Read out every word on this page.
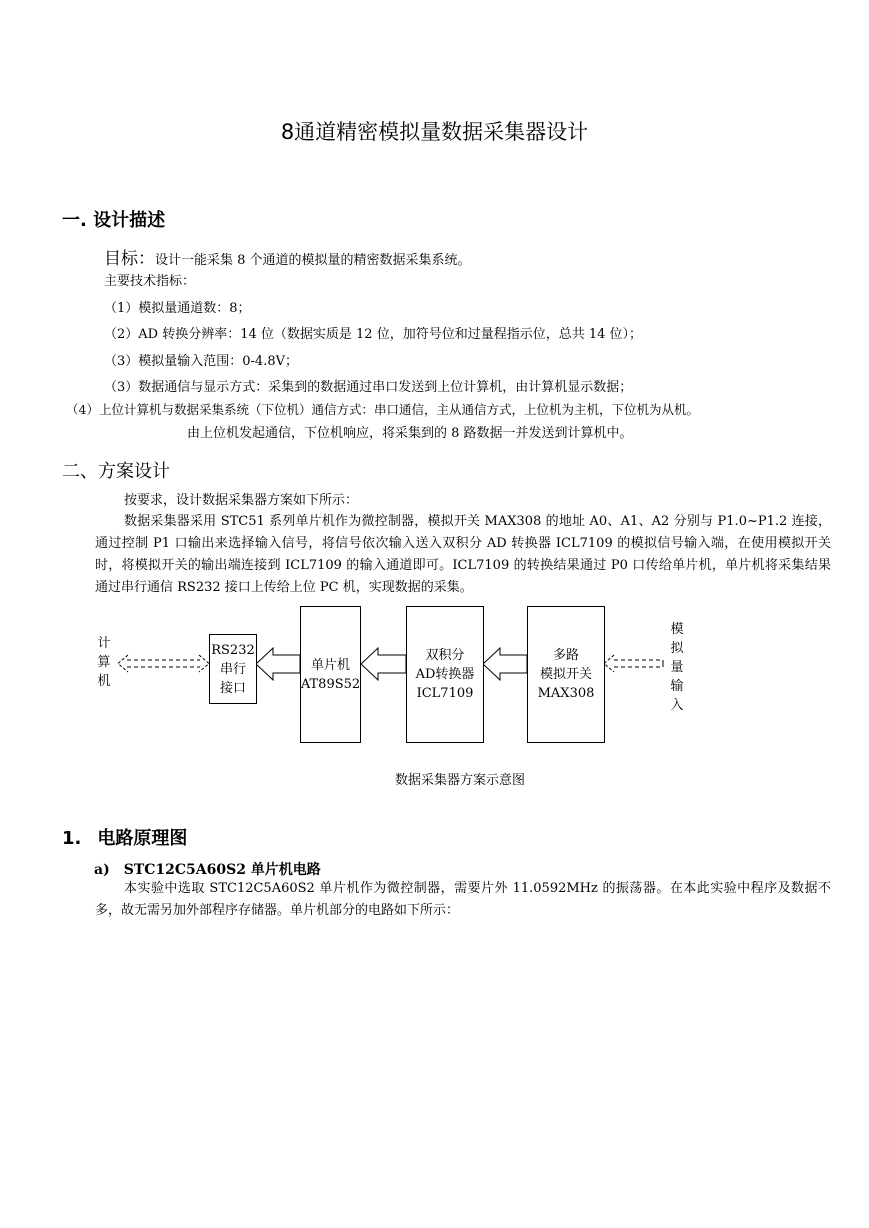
8通道精密模拟量数据采集器设计
一. 设计描述
目标：设计一能采集 8 个通道的模拟量的精密数据采集系统。
主要技术指标：
（1）模拟量通道数：8；
（2）AD 转换分辨率：14 位（数据实质是 12 位，加符号位和过量程指示位，总共 14 位）；
（3）模拟量输入范围：0-4.8V；
（3）数据通信与显示方式：采集到的数据通过串口发送到上位计算机，由计算机显示数据；
（4）上位计算机与数据采集系统（下位机）通信方式：串口通信，主从通信方式，上位机为主机，下位机为从机。
由上位机发起通信，下位机响应，将采集到的 8 路数据一并发送到计算机中。
二、方案设计
按要求，设计数据采集器方案如下所示：
数据采集器采用 STC51 系列单片机作为微控制器，模拟开关 MAX308 的地址 A0、A1、A2 分别与 P1.0~P1.2 连接，通过控制 P1 口输出来选择输入信号，将信号依次输入送入双积分 AD 转换器 ICL7109 的模拟信号输入端，在使用模拟开关时，将模拟开关的输出端连接到 ICL7109 的输入通道即可。ICL7109 的转换结果通过 P0 口传给单片机，单片机将采集结果通过串行通信 RS232 接口上传给上位 PC 机，实现数据的采集。
计算机
RS232
串行
接口
单片机
AT89S52
双积分
AD转换器
ICL7109
多路
模拟开关
MAX308
模拟量输入
数据采集器方案示意图
1. 电路原理图
a) STC12C5A60S2 单片机电路
本实验中选取 STC12C5A60S2 单片机作为微控制器，需要片外 11.0592MHz 的振荡器。在本此实验中程序及数据不多，故无需另加外部程序存储器。单片机部分的电路如下所示：
